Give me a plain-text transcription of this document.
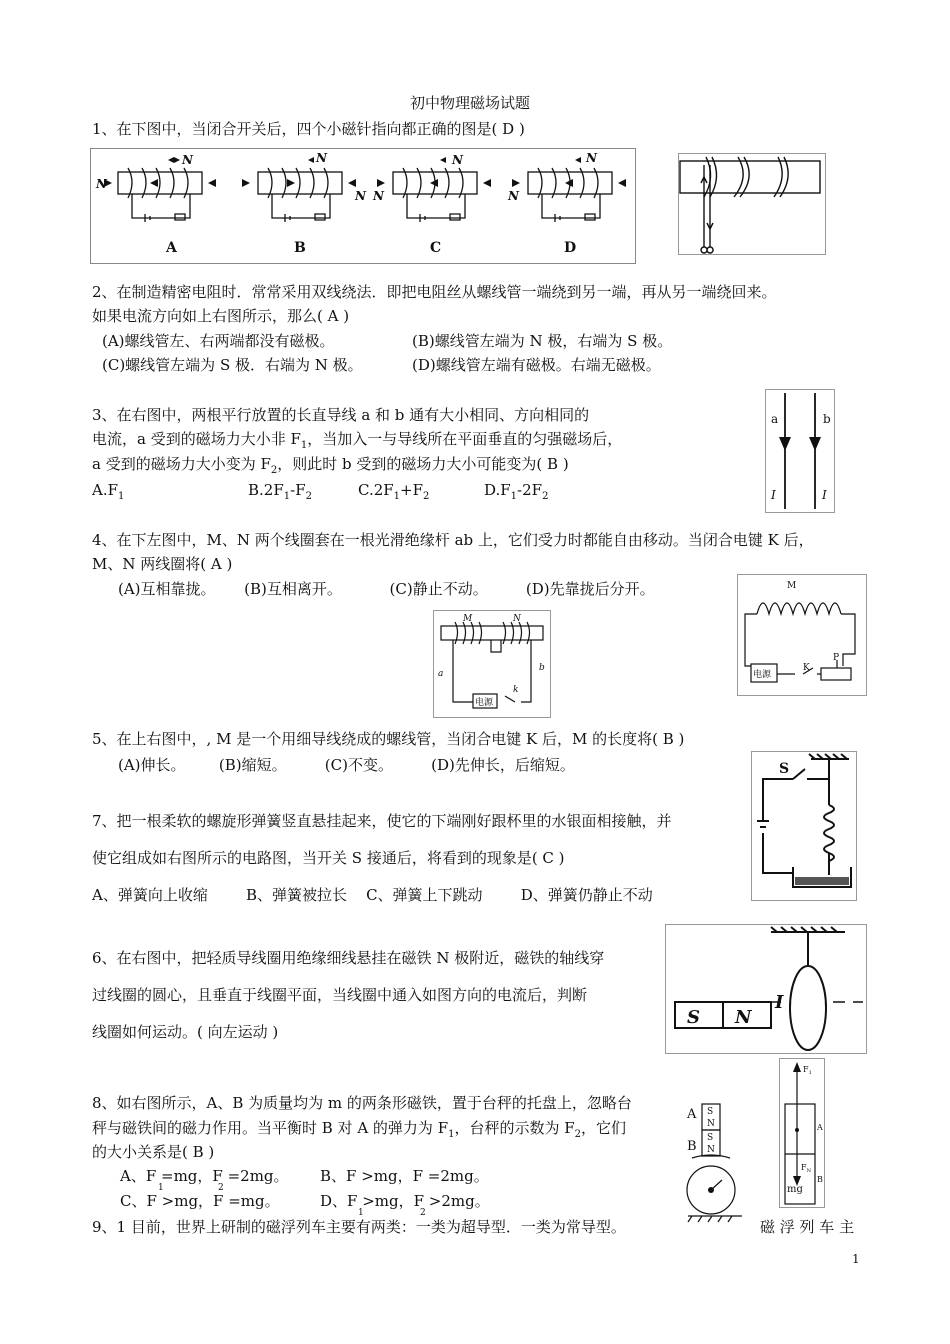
初中物理磁场试题
1、在下图中，当闭合开关后，四个小磁针指向都正确的图是( D )
N
N
N
N
N
N
N
N
A	B	C	D
2、在制造精密电阻时．常常采用双线绕法．即把电阻丝从螺线管一端绕到另一端，再从另一端绕回来。
如果电流方向如上右图所示，那么( A )
(A)螺线管左、右两端都没有磁极。	(B)螺线管左端为 N 极，右端为 S 极。
(C)螺线管左端为 S 极．右端为 N 极。	(D)螺线管左端有磁极。右端无磁极。
3、在右图中，两根平行放置的长直导线 a 和 b 通有大小相同、方向相同的
电流，a 受到的磁场力大小非 $F_1$，当加入一与导线所在平面垂直的匀强磁场后，
a 受到的磁场力大小变为 $F_2$，则此时 b 受到的磁场力大小可能变为( B )
$A.F_1$	$B.2F_1-F_2$	$C.2F_1+F_2$	$D.F_1-2F_2$
a	b
I	I
4、在下左图中，M、N 两个线圈套在一根光滑绝缘杆 ab 上，它们受力时都能自由移动。当闭合电键 K 后，
M、N 两线圈将( A )
(A)互相靠拢。      (B)互相离开。          (C)静止不动。        (D)先靠拢后分开。
M	N
a
b
k
电源
M
K
P
电源
5、在上右图中，, M 是一个用细导线绕成的螺线管，当闭合电键 K 后，M 的长度将( B )
(A)伸长。       (B)缩短。        (C)不变。        (D)先伸长，后缩短。	S
7、把一根柔软的螺旋形弹簧竖直悬挂起来，使它的下端刚好跟杯里的水银面相接触，并
使它组成如右图所示的电路图，当开关 S 接通后，将看到的现象是( C )
A、弹簧向上收缩        B、弹簧被拉长    C、弹簧上下跳动        D、弹簧仍静止不动
S N
I
6、在右图中，把轻质导线圈用绝缘细线悬挂在磁铁 N 极附近，磁铁的轴线穿
过线圈的圆心，且垂直于线圈平面，当线圈中通入如图方向的电流后，判断
线圈如何运动。( 向左运动 )
A
B
S
N
S
N
$F_1$
A
$F_N$
B
mg
8、如右图所示，A、B 为质量均为 m 的两条形磁铁，置于台秤的托盘上，忽略台
秤与磁铁间的磁力作用。当平衡时 B 对 A 的弹力为 $F_1$，台秤的示数为 $F_2$，它们
的大小关系是( B )
A、F =mg，F =2mg。 B、F >mg，F =2mg。
C、F >mg，F =mg。	D、F >mg，F >2mg。
1	2
1	2
9、1 目前，世界上研制的磁浮列车主要有两类：一类为超导型．一类为常导型。	磁 浮 列 车 主
1
